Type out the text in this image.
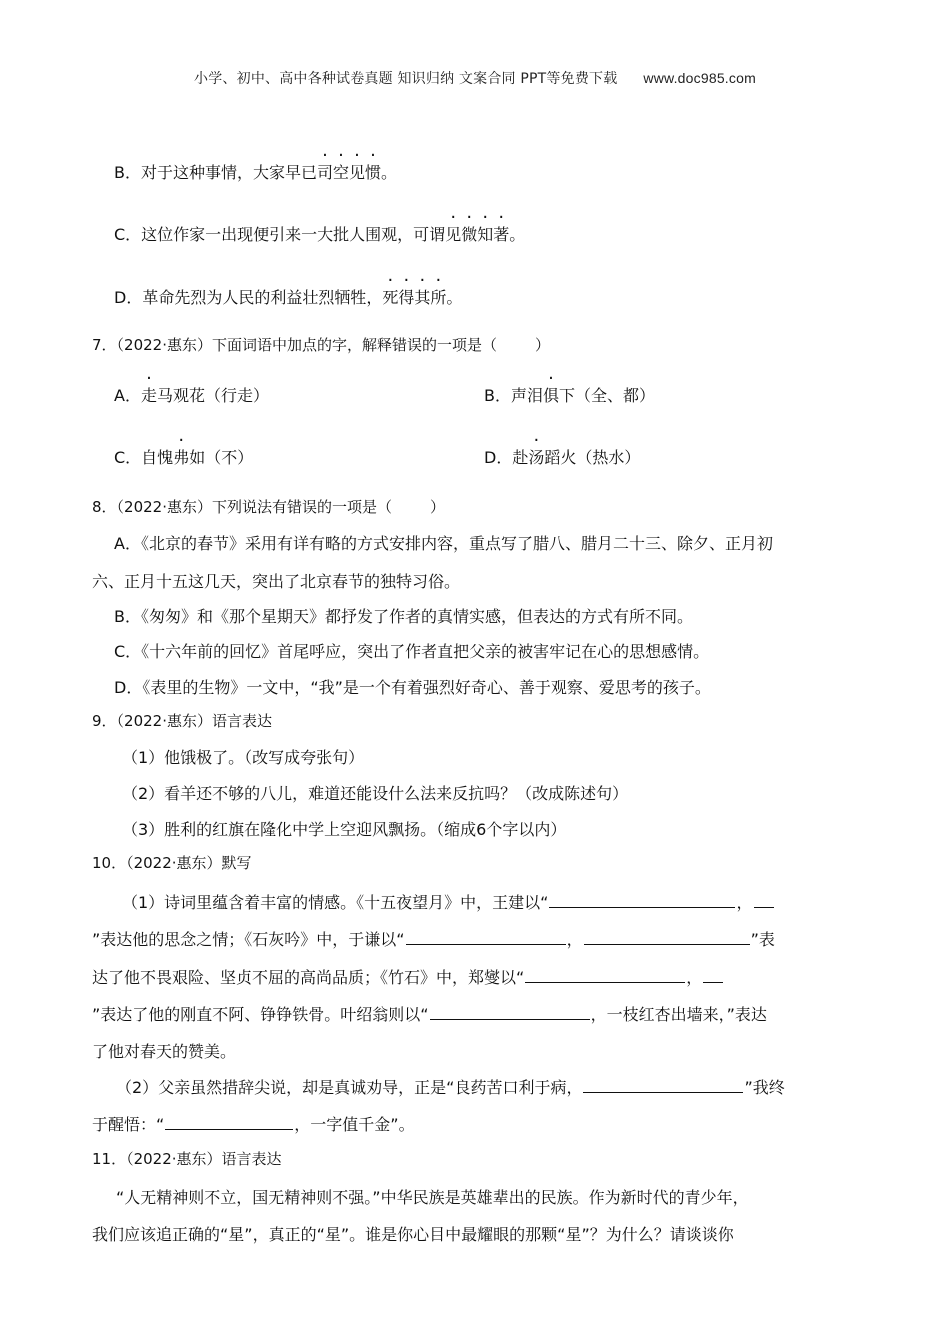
小学、初中、高中各种试卷真题 知识归纳 文案合同 PPT等免费下载 www.doc985.com
B．对于这种事情，大家早已司空见惯。
C．这位作家一出现便引来一大批人围观，可谓见微知著。
D．革命先烈为人民的利益壮烈牺牲，死得其所。
7．（2022·惠东）下面词语中加点的字，解释错误的一项是（	）
A．走马观花（行走）	B．声泪俱下（全、都）
C．自愧弗如（不）	D．赴汤蹈火（热水）
8．（2022·惠东）下列说法有错误的一项是（	）
A．《北京的春节》采用有详有略的方式安排内容，重点写了腊八、腊月二十三、除夕、正月初
六、正月十五这几天，突出了北京春节的独特习俗。
B．《匆匆》和《那个星期天》都抒发了作者的真情实感，但表达的方式有所不同。
C．《十六年前的回忆》首尾呼应，突出了作者直把父亲的被害牢记在心的思想感情。
D．《表里的生物》一文中，“我”是一个有着强烈好奇心、善于观察、爱思考的孩子。
9．（2022·惠东）语言表达
（1）他饿极了。（改写成夸张句）
（2）看羊还不够的八儿，难道还能设什么法来反抗吗？（改成陈述句）
（3）胜利的红旗在隆化中学上空迎风飘扬。（缩成6个字以内）
10．（2022·惠东）默写
（1）诗词里蕴含着丰富的情感。《十五夜望月》中，王建以“	，
”表达他的思念之情；《石灰吟》中，于谦以“	，	”表
达了他不畏艰险、坚贞不屈的高尚品质；《竹石》中，郑燮以“	，
”表达了他的刚直不阿、铮铮铁骨。叶绍翁则以“	，一枝红杏出墙来，”表达
了他对春天的赞美。
（2）父亲虽然措辞尖说，却是真诚劝导，正是“良药苦口利于病，	”我终
于醒悟：“	，一字值千金”。
11．（2022·惠东）语言表达
“人无精神则不立，国无精神则不强。”中华民族是英雄辈出的民族。作为新时代的青少年，
我们应该追正确的“星”，真正的“星”。谁是你心目中最耀眼的那颗“星”？为什么？请谈谈你
